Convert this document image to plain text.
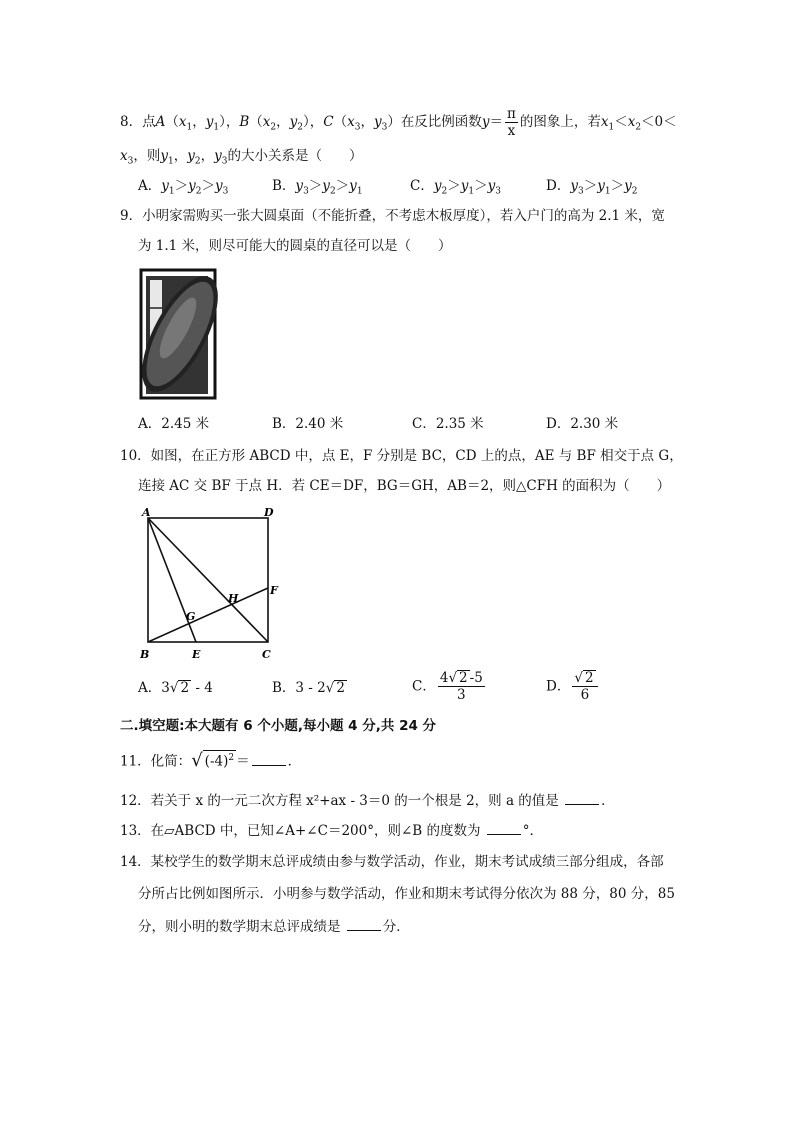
8．点$A(x_1$，$y_1$），$B(x_2$，$y_2$），$C(x_3$，$y_3$）在反比例函数$y= \frac{\pi}{x}$ 的图象上，若$x_1<x_2<0<$
$x_3$，则$y_1$，$y_2$，$y_3$的大小关系是（　　）
A．$y_1>y_2>y_3$	B．$y_3>y_2>y_1$	C．$y_2>y_1>y_3$	D．$y_3>y_1>y_2$
9．小明家需购买一张大圆桌面（不能折叠，不考虑木板厚度），若入户门的高为 2.1 米，宽
为 1.1 米，则尽可能大的圆桌的直径可以是（　　）
A．2.45 米	B．2.40 米	C．2.35 米	D．2.30 米
10．如图，在正方形 ABCD 中，点 E，F 分别是 BC，CD 上的点，AE 与 BF 相交于点 G，
连接 AC 交 BF 于点 H．若 CE＝DF，BG＝GH，AB＝2，则△CFH 的面积为（　　）
A	D
B	E	C
F
G
H
A．3√ 2 - 4	B．3 - 2√ 2	C． $\frac{4√ 2 -5}{3}$	D． $\frac{√ 2}{6}$
二.填空题:本大题有 6 个小题,每小题 4 分,共 24 分
11．化简：√ $(-4)^2$ ＝	．
12．若关于 x 的一元二次方程 x²+ax - 3＝0 的一个根是 2，则 a 的值是	．
13．在▱ABCD 中，已知∠A+∠C＝200°，则∠B 的度数为	°．
14．某校学生的数学期末总评成绩由参与数学活动，作业，期末考试成绩三部分组成，各部
分所占比例如图所示．小明参与数学活动，作业和期末考试得分依次为 88 分，80 分，85
分，则小明的数学期末总评成绩是	分．
